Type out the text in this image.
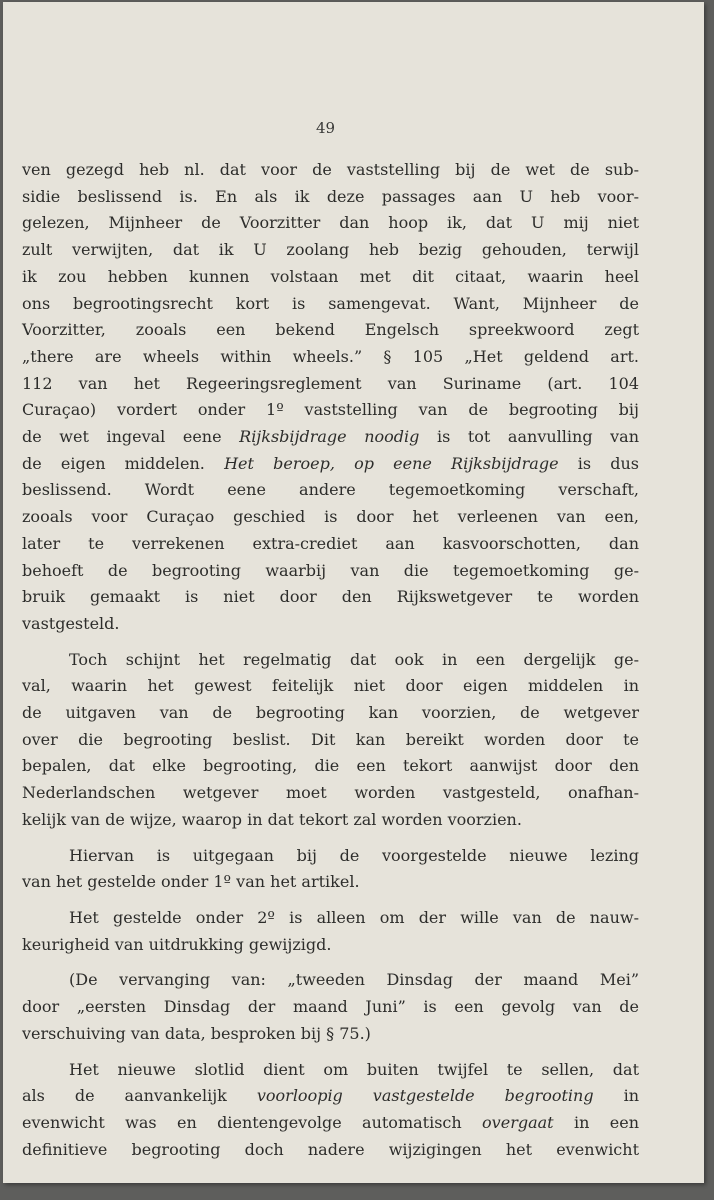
49
ven gezegd heb nl. dat voor de vaststelling bij de wet de sub-
sidie beslissend is. En als ik deze passages aan U heb voor-
gelezen, Mijnheer de Voorzitter dan hoop ik, dat U mij niet
zult verwijten, dat ik U zoolang heb bezig gehouden, terwijl
ik zou hebben kunnen volstaan met dit citaat, waarin heel
ons begrootingsrecht kort is samengevat. Want, Mijnheer de
Voorzitter, zooals een bekend Engelsch spreekwoord zegt
„there are wheels within wheels.” § 105 „Het geldend art.
112 van het Regeeringsreglement van Suriname (art. 104
Curaçao) vordert onder 1º vaststelling van de begrooting bij
de wet ingeval eene Rijksbijdrage noodig is tot aanvulling van
de eigen middelen. Het beroep, op eene Rijksbijdrage is dus
beslissend. Wordt eene andere tegemoetkoming verschaft,
zooals voor Curaçao geschied is door het verleenen van een,
later te verrekenen extra-crediet aan kasvoorschotten, dan
behoeft de begrooting waarbij van die tegemoetkoming ge-
bruik gemaakt is niet door den Rijkswetgever te worden
vastgesteld.
Toch schijnt het regelmatig dat ook in een dergelijk ge-
val, waarin het gewest feitelijk niet door eigen middelen in
de uitgaven van de begrooting kan voorzien, de wetgever
over die begrooting beslist. Dit kan bereikt worden door te
bepalen, dat elke begrooting, die een tekort aanwijst door den
Nederlandschen wetgever moet worden vastgesteld, onafhan-
kelijk van de wijze, waarop in dat tekort zal worden voorzien.
Hiervan is uitgegaan bij de voorgestelde nieuwe lezing
van het gestelde onder 1º van het artikel.
Het gestelde onder 2º is alleen om der wille van de nauw-
keurigheid van uitdrukking gewijzigd.
(De vervanging van: „tweeden Dinsdag der maand Mei”
door „eersten Dinsdag der maand Juni” is een gevolg van de
verschuiving van data, besproken bij § 75.)
Het nieuwe slotlid dient om buiten twijfel te sellen, dat
als de aanvankelijk voorloopig vastgestelde begrooting in
evenwicht was en dientengevolge automatisch overgaat in een
definitieve begrooting doch nadere wijzigingen het evenwicht
